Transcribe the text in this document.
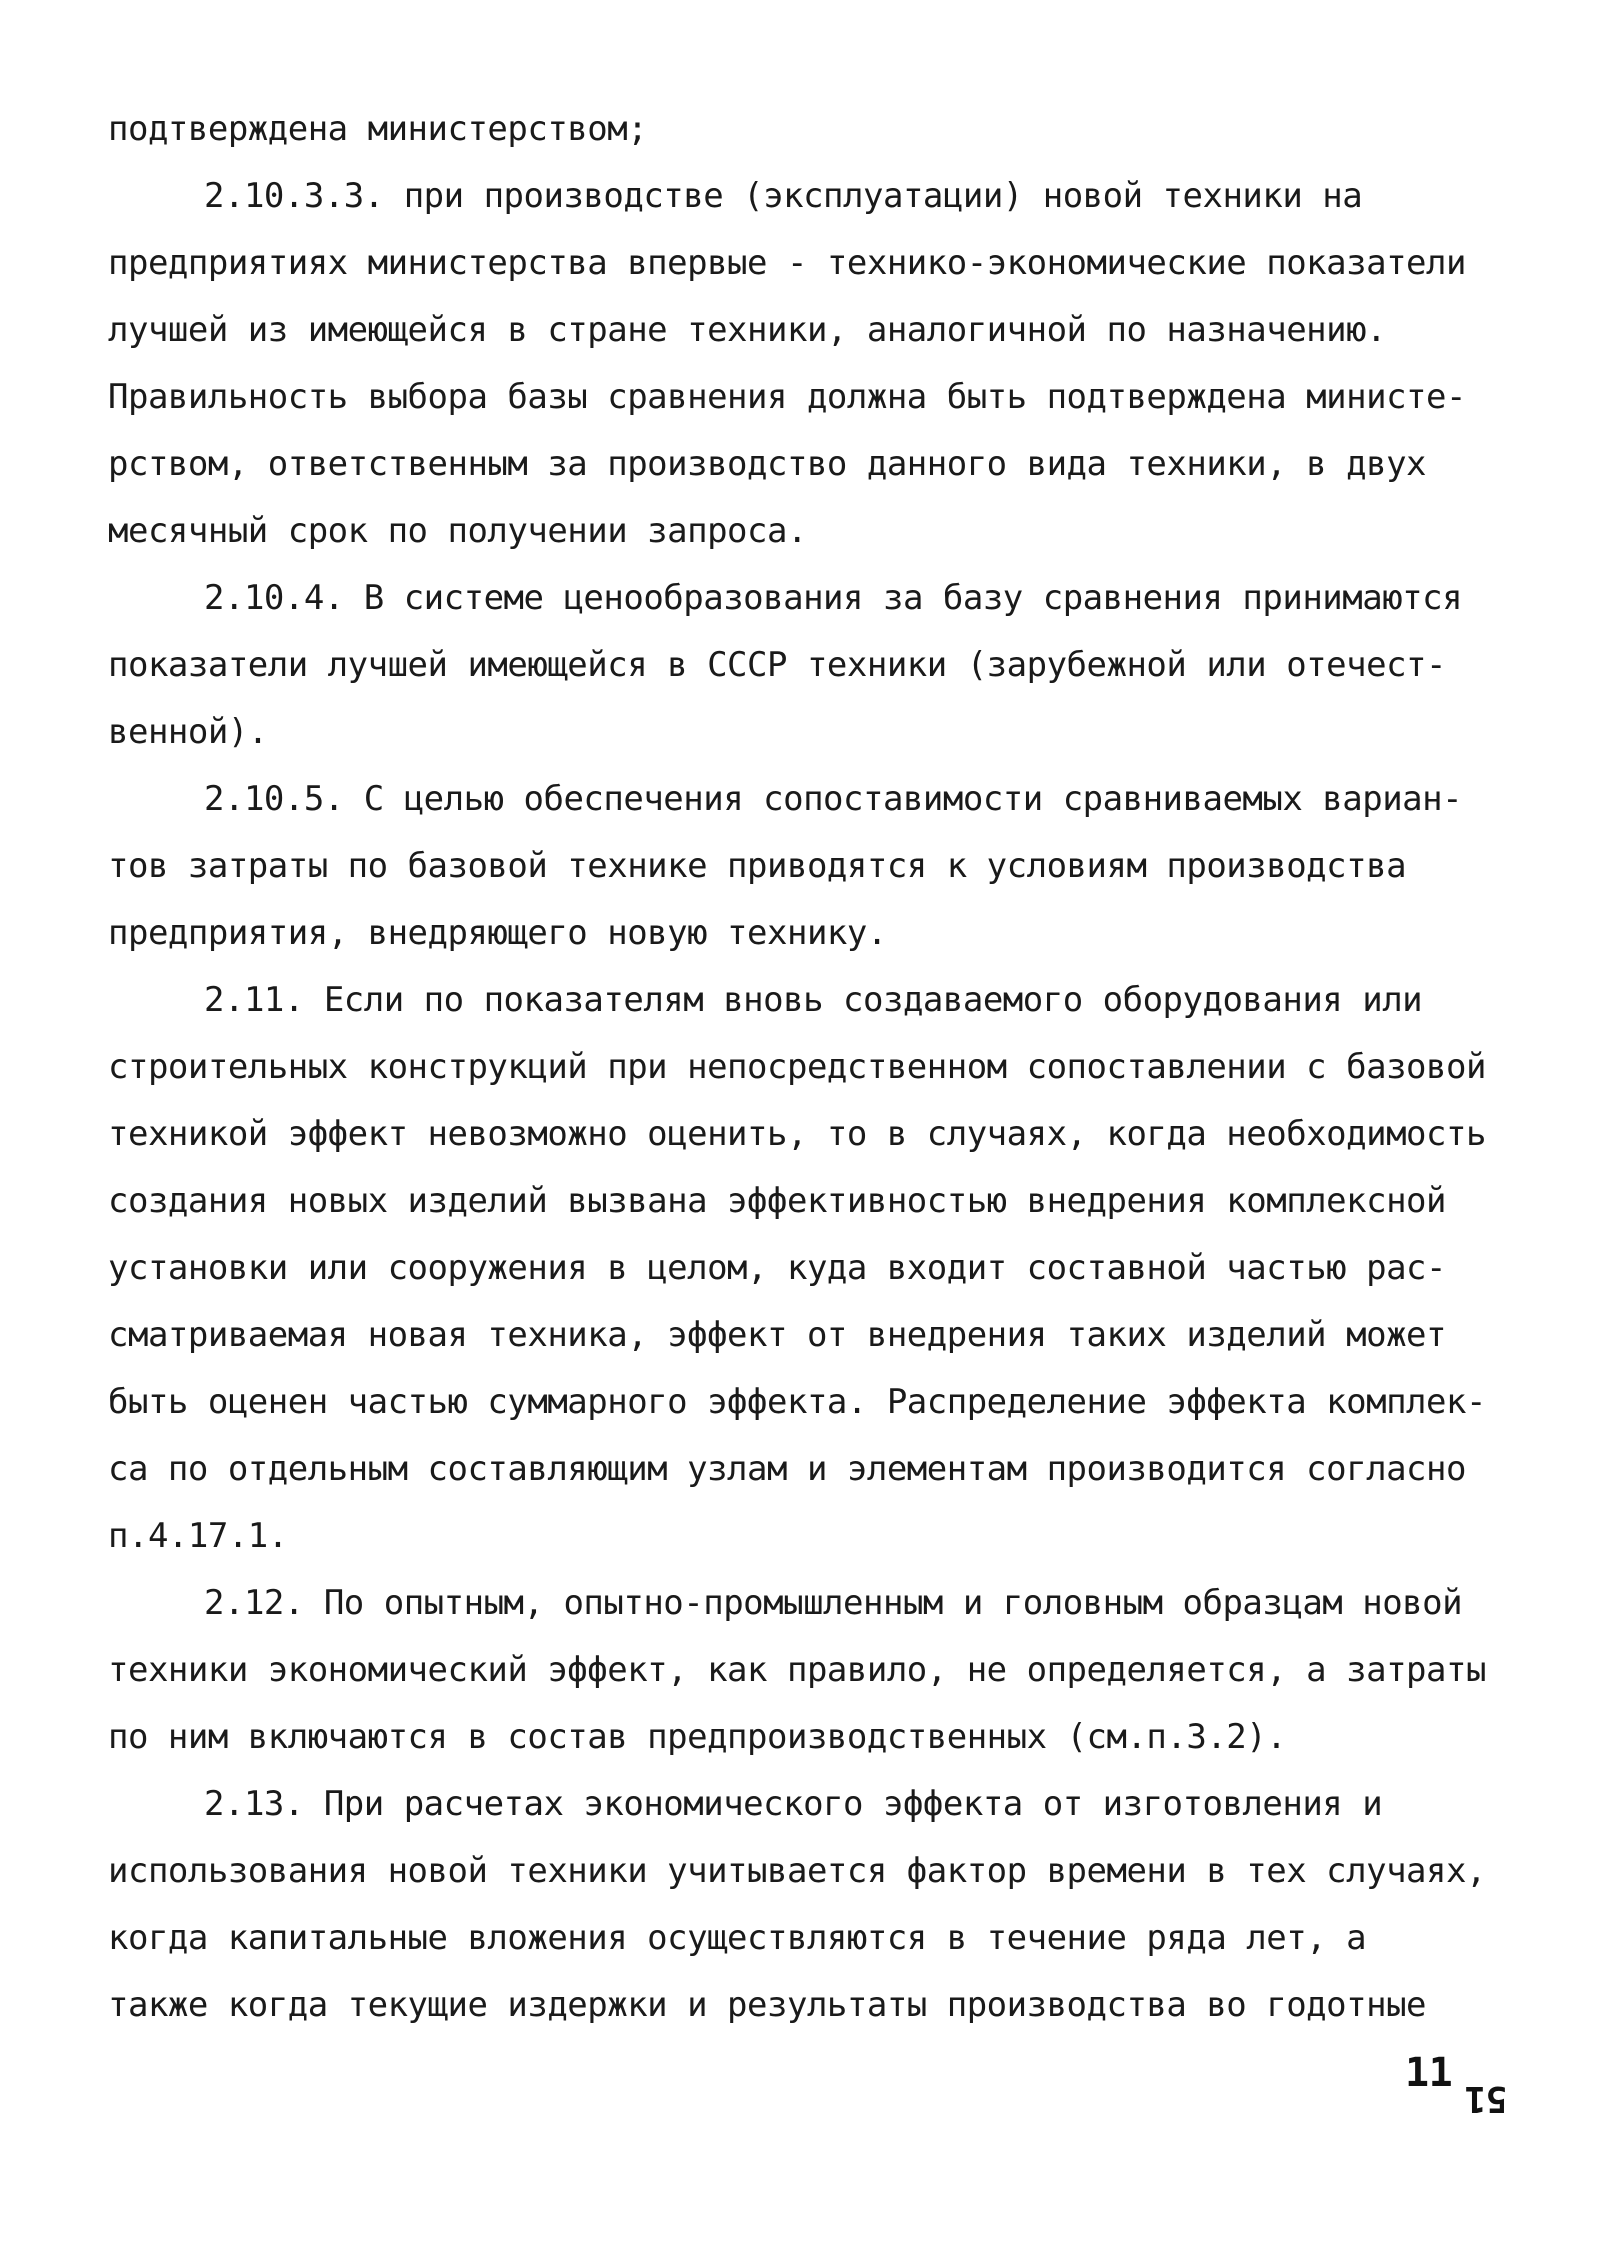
подтверждена министерством;
2.10.3.3. при производстве (эксплуатации) новой техники на
предприятиях министерства впервые - технико-экономические показатели
лучшей из имеющейся в стране техники, аналогичной по назначению.
Правильность выбора базы сравнения должна быть подтверждена министе-
рством, ответственным за производство данного вида техники, в двух
месячный срок по получении запроса.
2.10.4. В системе ценообразования за базу сравнения принимаются
показатели лучшей имеющейся в СССР техники (зарубежной или отечест-
венной).
2.10.5. С целью обеспечения сопоставимости сравниваемых вариан-
тов затраты по базовой технике приводятся к условиям производства
предприятия, внедряющего новую технику.
2.11. Если по показателям вновь создаваемого оборудования или
строительных конструкций при непосредственном сопоставлении с базовой
техникой эффект невозможно оценить, то в случаях, когда необходимость
создания новых изделий вызвана эффективностью внедрения комплексной
установки или сооружения в целом, куда входит составной частью рас-
сматриваемая новая техника, эффект от внедрения таких изделий может
быть оценен частью суммарного эффекта. Распределение эффекта комплек-
са по отдельным составляющим узлам и элементам производится согласно
п.4.17.1.
2.12. По опытным, опытно-промышленным и головным образцам новой
техники экономический эффект, как правило, не определяется, а затраты
по ним включаются в состав предпроизводственных (см.п.3.2).
2.13. При расчетах экономического эффекта от изготовления и
использования новой техники учитывается фактор времени в тех случаях,
когда капитальные вложения осуществляются в течение ряда лет, а
также когда текущие издержки и результаты производства во годотные
11
51
